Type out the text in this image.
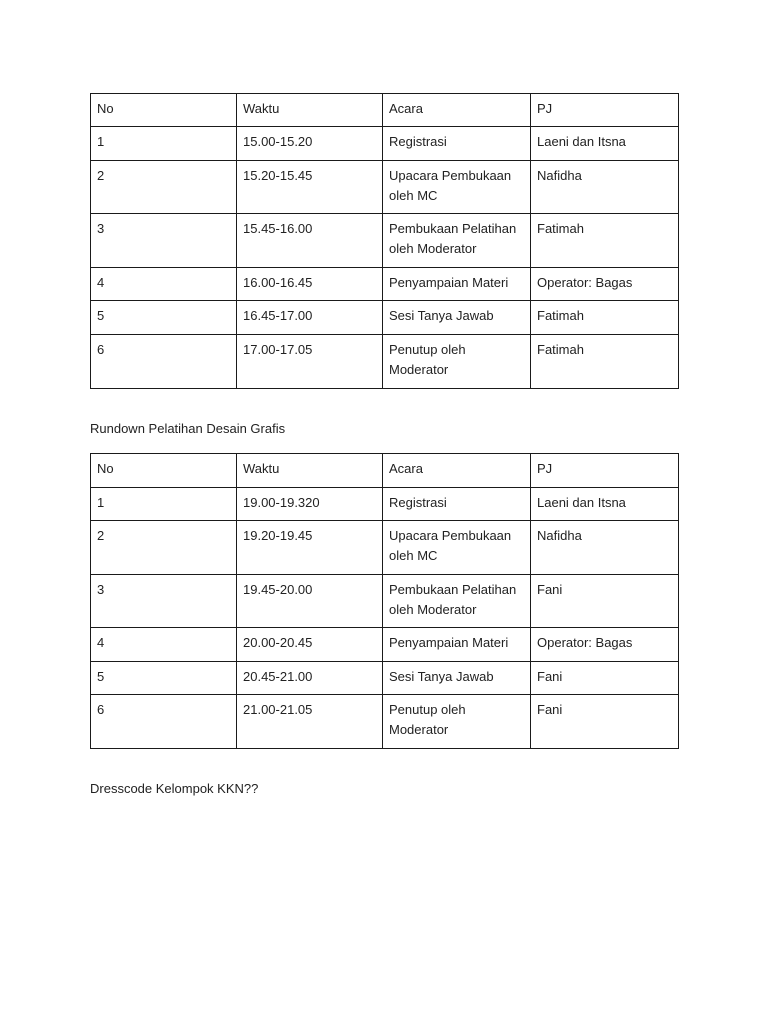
No	Waktu	Acara	PJ
1	15.00-15.20	Registrasi	Laeni dan Itsna
2	15.20-15.45	Upacara Pembukaan oleh MC	Nafidha
3	15.45-16.00	Pembukaan Pelatihan oleh Moderator	Fatimah
4	16.00-16.45	Penyampaian Materi	Operator: Bagas
5	16.45-17.00	Sesi Tanya Jawab	Fatimah
6	17.00-17.05	Penutup oleh Moderator	Fatimah
Rundown Pelatihan Desain Grafis
No	Waktu	Acara	PJ
1	19.00-19.320	Registrasi	Laeni dan Itsna
2	19.20-19.45	Upacara Pembukaan oleh MC	Nafidha
3	19.45-20.00	Pembukaan Pelatihan oleh Moderator	Fani
4	20.00-20.45	Penyampaian Materi	Operator: Bagas
5	20.45-21.00	Sesi Tanya Jawab	Fani
6	21.00-21.05	Penutup oleh Moderator	Fani
Dresscode Kelompok KKN??
